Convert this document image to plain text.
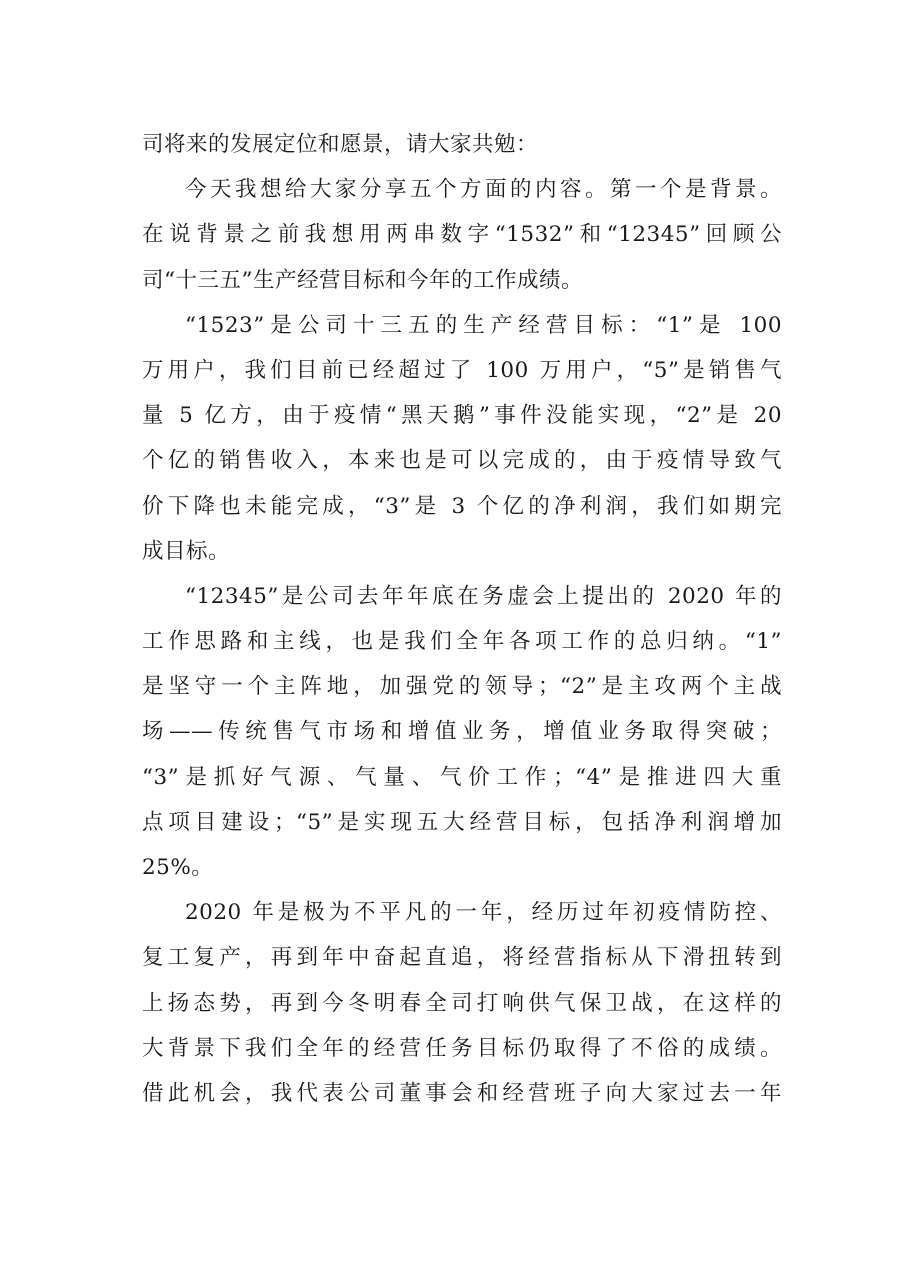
司将来的发展定位和愿景，请大家共勉：
今天我想给大家分享五个方面的内容。第一个是背景。
在说背景之前我想用两串数字“1532”和“12345”回顾公
司“十三五”生产经营目标和今年的工作成绩。
“1523”是公司十三五的生产经营目标：“1”是 100
万用户，我们目前已经超过了 100 万用户，“5”是销售气
量 5 亿方，由于疫情“黑天鹅”事件没能实现，“2”是 20
个亿的销售收入，本来也是可以完成的，由于疫情导致气
价下降也未能完成，“3”是 3 个亿的净利润，我们如期完
成目标。
“12345”是公司去年年底在务虚会上提出的 2020 年的
工作思路和主线，也是我们全年各项工作的总归纳。“1”
是坚守一个主阵地，加强党的领导；“2”是主攻两个主战
场——传统售气市场和增值业务，增值业务取得突破；
“3”是抓好气源、气量、气价工作；“4”是推进四大重
点项目建设；“5”是实现五大经营目标，包括净利润增加
25%。
2020 年是极为不平凡的一年，经历过年初疫情防控、
复工复产，再到年中奋起直追，将经营指标从下滑扭转到
上扬态势，再到今冬明春全司打响供气保卫战，在这样的
大背景下我们全年的经营任务目标仍取得了不俗的成绩。
借此机会，我代表公司董事会和经营班子向大家过去一年
